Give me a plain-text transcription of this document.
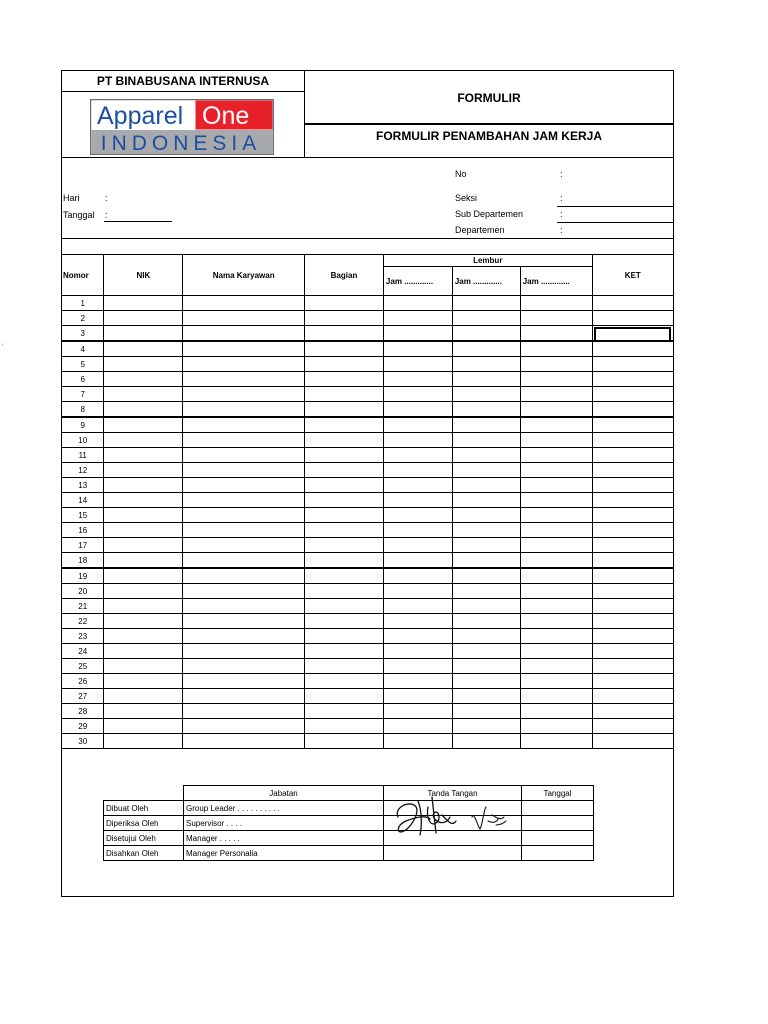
ʻ
PT BINABUSANA INTERNUSA
Apparel One
INDONESIA
FORMULIR
FORMULIR PENAMBAHAN JAM KERJA
Hari	:
Tanggal :
No	:
Seksi	:
Sub Departemen	:
Departemen	:
Nomor	NIK	Nama Karyawan	Bagian	Lembur			KET
				Jam .............	Jam .............	Jam .............	
1							
2							
3							
4							
5							
6							
7							
8							
9							
10							
11							
12							
13							
14							
15							
16							
17							
18							
19							
20							
21							
22							
23							
24							
25							
26							
27							
28							
29							
30							
	Jabatan	Tanda Tangan	Tanggal
Dibuat Oleh	Group Leader . . . . . . . . . .		
Diperiksa Oleh	Supervisor . . . .		
Disetujui Oleh	Manager . . . . .		
Disahkan Oleh	Manager Personalia		
